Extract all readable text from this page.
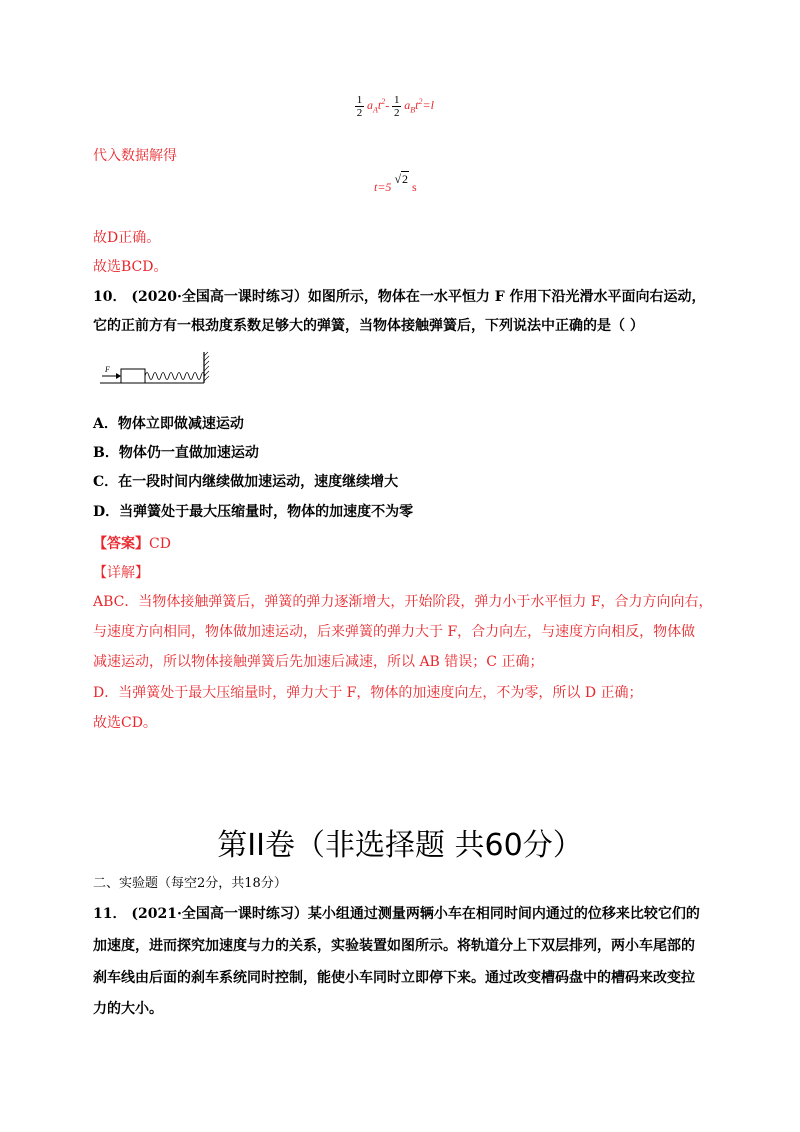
$\frac{1}{2} a_At^2- \frac{1}{2} a_Bt^2=l$
代入数据解得
t=5 √2 s
故D正确。
故选BCD。
10． (2020·全国高一课时练习）如图所示，物体在一水平恒力 F 作用下沿光滑水平面向右运动，
它的正前方有一根劲度系数足够大的弹簧，当物体接触弹簧后，下列说法中正确的是（ ）
F
A．物体立即做减速运动
B．物体仍一直做加速运动
C．在一段时间内继续做加速运动，速度继续增大
D．当弹簧处于最大压缩量时，物体的加速度不为零
【答案】CD
【详解】
ABC．当物体接触弹簧后，弹簧的弹力逐渐增大，开始阶段，弹力小于水平恒力 F，合力方向向右，
与速度方向相同，物体做加速运动，后来弹簧的弹力大于 F，合力向左，与速度方向相反，物体做
减速运动，所以物体接触弹簧后先加速后减速，所以 AB 错误；C 正确；
D．当弹簧处于最大压缩量时，弹力大于 F，物体的加速度向左，不为零，所以 D 正确；
故选CD。
第II卷（非选择题 共60分）
二、实验题（每空2分，共18分）
11． (2021·全国高一课时练习）某小组通过测量两辆小车在相同时间内通过的位移来比较它们的
加速度，进而探究加速度与力的关系，实验装置如图所示。将轨道分上下双层排列，两小车尾部的
刹车线由后面的刹车系统同时控制，能使小车同时立即停下来。通过改变槽码盘中的槽码来改变拉
力的大小。
